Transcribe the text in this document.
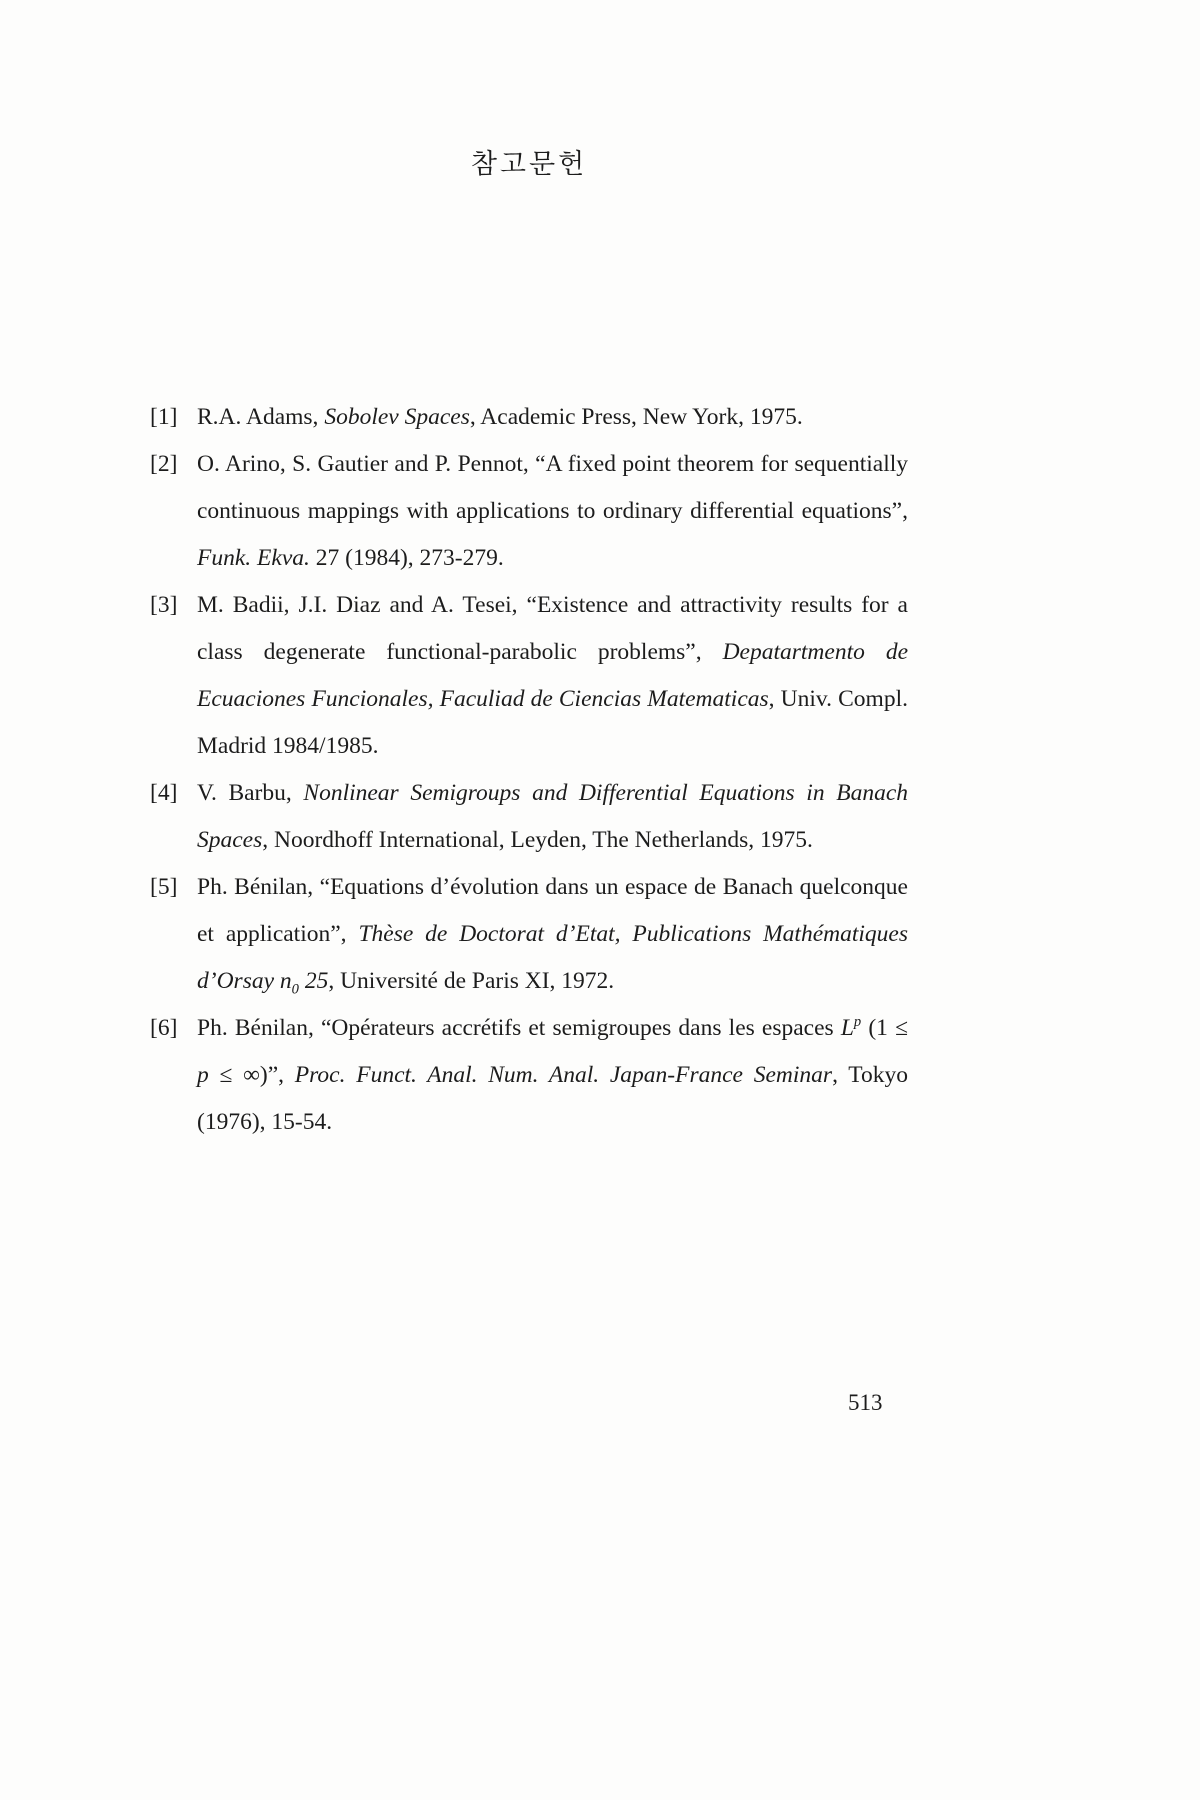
참고문헌
[1] R.A. Adams, Sobolev Spaces, Academic Press, New York, 1975.
[2] O. Arino, S. Gautier and P. Pennot, “A fixed point theorem for sequentially continuous mappings with applications to ordinary differential equations”, Funk. Ekva. 27 (1984), 273-279.
[3] M. Badii, J.I. Diaz and A. Tesei, “Existence and attractivity results for a class degenerate functional-parabolic problems”, Depatartmento de Ecuaciones Funcionales, Faculiad de Ciencias Matematicas, Univ. Compl. Madrid 1984/1985.
[4] V. Barbu, Nonlinear Semigroups and Differential Equations in Banach Spaces, Noordhoff International, Leyden, The Netherlands, 1975.
[5] Ph. Bénilan, “Equations d’évolution dans un espace de Banach quelconque et application”, Thèse de Doctorat d’Etat, Publications Mathématiques d’Orsay $n_0$ 25, Université de Paris XI, 1972.
[6] Ph. Bénilan, “Opérateurs accrétifs et semigroupes dans les espaces $L^p$ (1 ≤ p ≤ ∞)”, Proc. Funct. Anal. Num. Anal. Japan-France Seminar, Tokyo (1976), 15-54.
513
